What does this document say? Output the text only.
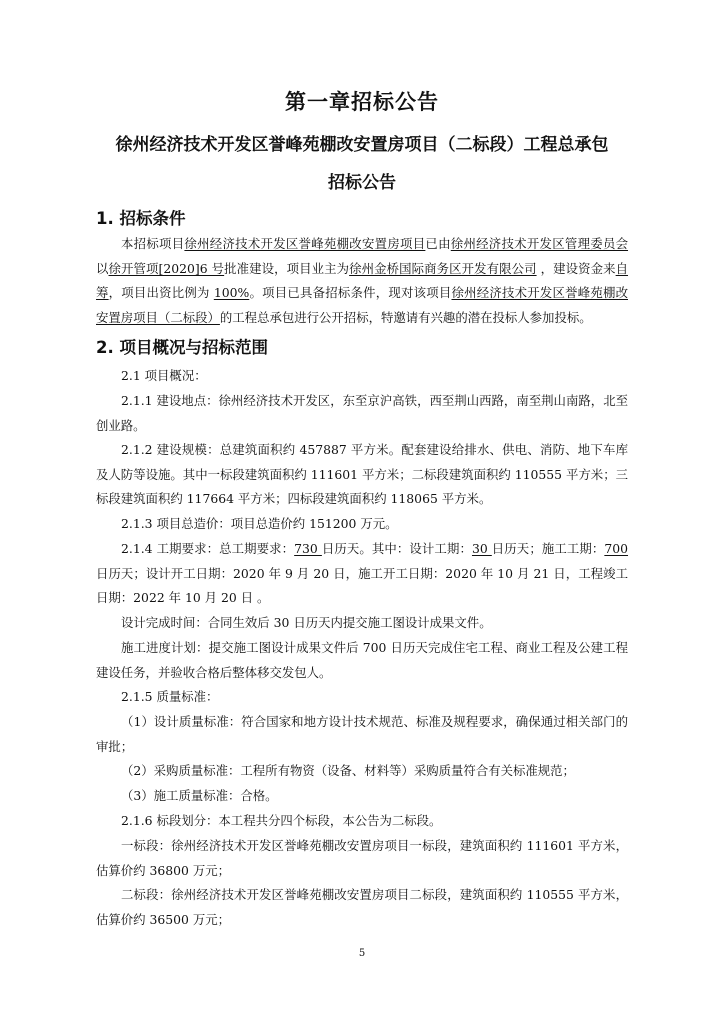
第一章招标公告
徐州经济技术开发区誉峰苑棚改安置房项目（二标段）工程总承包
招标公告
1. 招标条件
本招标项目徐州经济技术开发区誉峰苑棚改安置房项目已由徐州经济技术开发区管理委员会以徐开管项[2020]6 号批准建设，项目业主为徐州金桥国际商务区开发有限公司 ，建设资金来自筹，项目出资比例为 100%。项目已具备招标条件，现对该项目徐州经济技术开发区誉峰苑棚改安置房项目（二标段）的工程总承包进行公开招标，特邀请有兴趣的潜在投标人参加投标。
2. 项目概况与招标范围
2.1 项目概况：
2.1.1 建设地点：徐州经济技术开发区，东至京沪高铁，西至荆山西路，南至荆山南路，北至创业路。
2.1.2 建设规模：总建筑面积约 457887 平方米。配套建设给排水、供电、消防、地下车库及人防等设施。其中一标段建筑面积约 111601 平方米；二标段建筑面积约 110555 平方米；三标段建筑面积约 117664 平方米；四标段建筑面积约 118065 平方米。
2.1.3 项目总造价：项目总造价约 151200 万元。
2.1.4 工期要求：总工期要求：730 日历天。其中：设计工期：30 日历天；施工工期：700日历天；设计开工日期：2020 年 9 月 20 日，施工开工日期：2020 年 10 月 21 日，工程竣工日期：2022 年 10 月 20 日 。
设计完成时间：合同生效后 30 日历天内提交施工图设计成果文件。
施工进度计划：提交施工图设计成果文件后 700 日历天完成住宅工程、商业工程及公建工程建设任务，并验收合格后整体移交发包人。
2.1.5 质量标准：
（1）设计质量标准：符合国家和地方设计技术规范、标准及规程要求，确保通过相关部门的审批；
（2）采购质量标准：工程所有物资（设备、材料等）采购质量符合有关标准规范；
（3）施工质量标准：合格。
2.1.6 标段划分：本工程共分四个标段，本公告为二标段。
一标段：徐州经济技术开发区誉峰苑棚改安置房项目一标段，建筑面积约 111601 平方米，估算价约 36800 万元；
二标段：徐州经济技术开发区誉峰苑棚改安置房项目二标段，建筑面积约 110555 平方米，估算价约 36500 万元；
5
